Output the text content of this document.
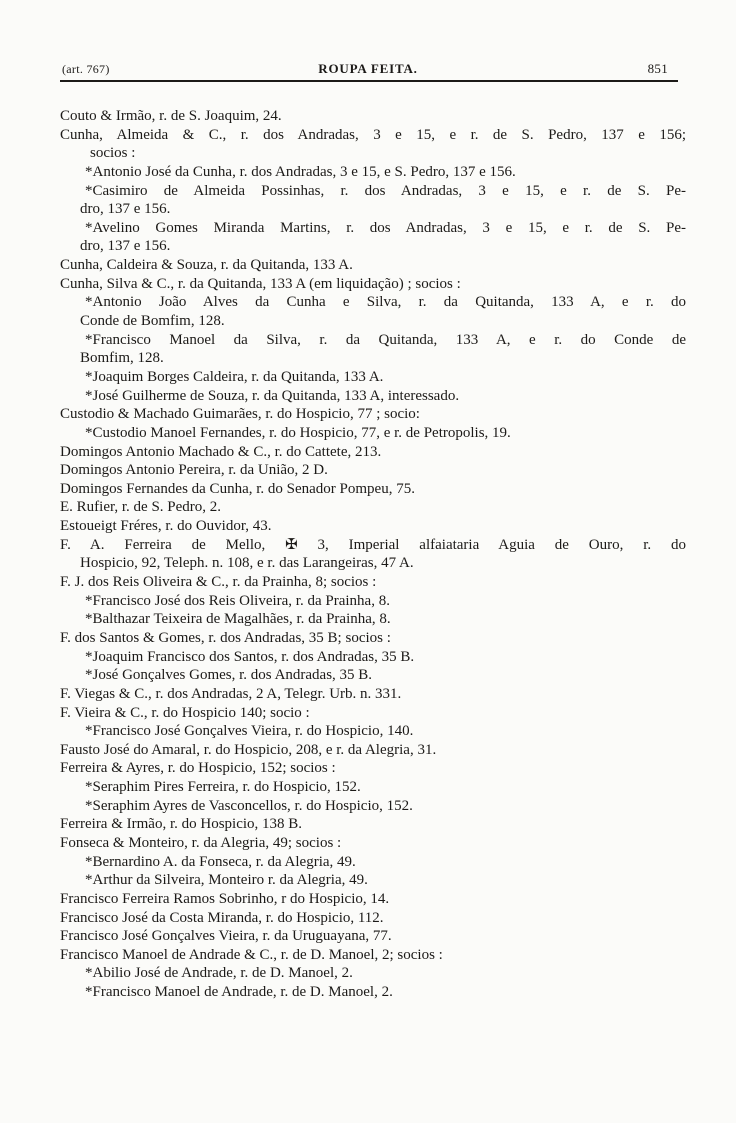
(art. 767)	ROUPA FEITA.	851
Couto & Irmão, r. de S. Joaquim, 24.
Cunha, Almeida & C., r. dos Andradas, 3 e 15, e r. de S. Pedro, 137 e 156;
socios :
*Antonio José da Cunha, r. dos Andradas, 3 e 15, e S. Pedro, 137 e 156.
*Casimiro de Almeida Possinhas, r. dos Andradas, 3 e 15, e r. de S. Pe-
dro, 137 e 156.
*Avelino Gomes Miranda Martins, r. dos Andradas, 3 e 15, e r. de S. Pe-
dro, 137 e 156.
Cunha, Caldeira & Souza, r. da Quitanda, 133 A.
Cunha, Silva & C., r. da Quitanda, 133 A (em liquidação) ; socios :
*Antonio João Alves da Cunha e Silva, r. da Quitanda, 133 A, e r. do
Conde de Bomfim, 128.
*Francisco Manoel da Silva, r. da Quitanda, 133 A, e r. do Conde de
Bomfim, 128.
*Joaquim Borges Caldeira, r. da Quitanda, 133 A.
*José Guilherme de Souza, r. da Quitanda, 133 A, interessado.
Custodio & Machado Guimarães, r. do Hospicio, 77 ; socio:
*Custodio Manoel Fernandes, r. do Hospicio, 77, e r. de Petropolis, 19.
Domingos Antonio Machado & C., r. do Cattete, 213.
Domingos Antonio Pereira, r. da União, 2 D.
Domingos Fernandes da Cunha, r. do Senador Pompeu, 75.
E. Rufier, r. de S. Pedro, 2.
Estoueigt Fréres, r. do Ouvidor, 43.
F. A. Ferreira de Mello, ✠ 3, Imperial alfaiataria Aguia de Ouro, r. do
Hospicio, 92, Teleph. n. 108, e r. das Larangeiras, 47 A.
F. J. dos Reis Oliveira & C., r. da Prainha, 8; socios :
*Francisco José dos Reis Oliveira, r. da Prainha, 8.
*Balthazar Teixeira de Magalhães, r. da Prainha, 8.
F. dos Santos & Gomes, r. dos Andradas, 35 B; socios :
*Joaquim Francisco dos Santos, r. dos Andradas, 35 B.
*José Gonçalves Gomes, r. dos Andradas, 35 B.
F. Viegas & C., r. dos Andradas, 2 A, Telegr. Urb. n. 331.
F. Vieira & C., r. do Hospicio 140; socio :
*Francisco José Gonçalves Vieira, r. do Hospicio, 140.
Fausto José do Amaral, r. do Hospicio, 208, e r. da Alegria, 31.
Ferreira & Ayres, r. do Hospicio, 152; socios :
*Seraphim Pires Ferreira, r. do Hospicio, 152.
*Seraphim Ayres de Vasconcellos, r. do Hospicio, 152.
Ferreira & Irmão, r. do Hospicio, 138 B.
Fonseca & Monteiro, r. da Alegria, 49; socios :
*Bernardino A. da Fonseca, r. da Alegria, 49.
*Arthur da Silveira, Monteiro r. da Alegria, 49.
Francisco Ferreira Ramos Sobrinho, r do Hospicio, 14.
Francisco José da Costa Miranda, r. do Hospicio, 112.
Francisco José Gonçalves Vieira, r. da Uruguayana, 77.
Francisco Manoel de Andrade & C., r. de D. Manoel, 2; socios :
*Abilio José de Andrade, r. de D. Manoel, 2.
*Francisco Manoel de Andrade, r. de D. Manoel, 2.
